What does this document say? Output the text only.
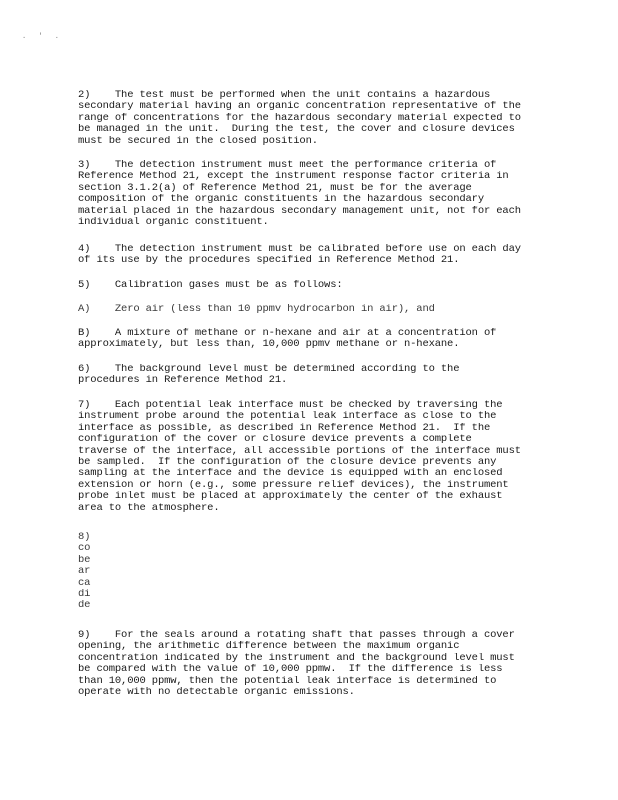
. ' .
2)    The test must be performed when the unit contains a hazardous
secondary material having an organic concentration representative of the
range of concentrations for the hazardous secondary material expected to
be managed in the unit.  During the test, the cover and closure devices
must be secured in the closed position.
3)    The detection instrument must meet the performance criteria of
Reference Method 21, except the instrument response factor criteria in
section 3.1.2(a) of Reference Method 21, must be for the average
composition of the organic constituents in the hazardous secondary
material placed in the hazardous secondary management unit, not for each
individual organic constituent.
4)    The detection instrument must be calibrated before use on each day
of its use by the procedures specified in Reference Method 21.
5)    Calibration gases must be as follows:
A)    Zero air (less than 10 ppmv hydrocarbon in air), and
B)    A mixture of methane or n-hexane and air at a concentration of
approximately, but less than, 10,000 ppmv methane or n-hexane.
6)    The background level must be determined according to the
procedures in Reference Method 21.
7)    Each potential leak interface must be checked by traversing the
instrument probe around the potential leak interface as close to the
interface as possible, as described in Reference Method 21.  If the
configuration of the cover or closure device prevents a complete
traverse of the interface, all accessible portions of the interface must
be sampled.  If the configuration of the closure device prevents any
sampling at the interface and the device is equipped with an enclosed
extension or horn (e.g., some pressure relief devices), the instrument
probe inlet must be placed at approximately the center of the exhaust
area to the atmosphere.
8)
co
be
ar
ca
di
de
9)    For the seals around a rotating shaft that passes through a cover
opening, the arithmetic difference between the maximum organic
concentration indicated by the instrument and the background level must
be compared with the value of 10,000 ppmw.  If the difference is less
than 10,000 ppmw, then the potential leak interface is determined to
operate with no detectable organic emissions.
